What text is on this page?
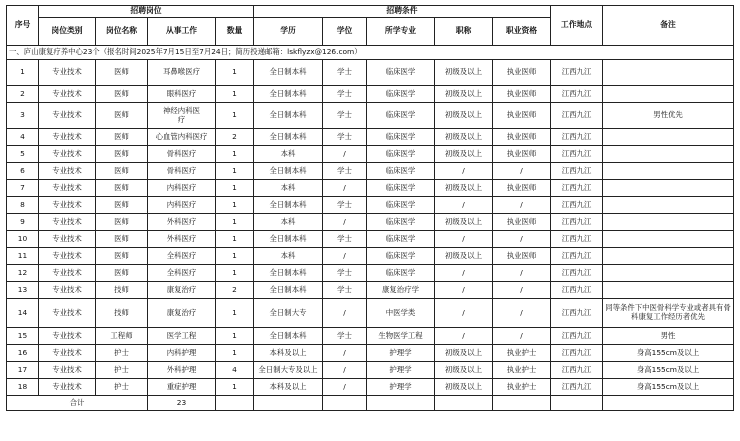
序号	招聘岗位				招聘条件					工作地点	备注
	岗位类别	岗位名称	从事工作	数量	学历	学位	所学专业	职称	职业资格		
一、庐山康复疗养中心23个（报名时间2025年7月15日至7月24日；简历投递邮箱：lskflyzx@126.com）											
1	专业技术	医师	耳鼻喉医疗	1	全日制本科	学士	临床医学	初级及以上	执业医师	江西九江	
2	专业技术	医师	眼科医疗	1	全日制本科	学士	临床医学	初级及以上	执业医师	江西九江	
3	专业技术	医师	神经内科医疗	1	全日制本科	学士	临床医学	初级及以上	执业医师	江西九江	男性优先
4	专业技术	医师	心血管内科医疗	2	全日制本科	学士	临床医学	初级及以上	执业医师	江西九江	
5	专业技术	医师	骨科医疗	1	本科	/	临床医学	初级及以上	执业医师	江西九江	
6	专业技术	医师	骨科医疗	1	全日制本科	学士	临床医学	/	/	江西九江	
7	专业技术	医师	内科医疗	1	本科	/	临床医学	初级及以上	执业医师	江西九江	
8	专业技术	医师	内科医疗	1	全日制本科	学士	临床医学	/	/	江西九江	
9	专业技术	医师	外科医疗	1	本科	/	临床医学	初级及以上	执业医师	江西九江	
10	专业技术	医师	外科医疗	1	全日制本科	学士	临床医学	/	/	江西九江	
11	专业技术	医师	全科医疗	1	本科	/	临床医学	初级及以上	执业医师	江西九江	
12	专业技术	医师	全科医疗	1	全日制本科	学士	临床医学	/	/	江西九江	
13	专业技术	技师	康复治疗	2	全日制本科	学士	康复治疗学	/	/	江西九江	
14	专业技术	技师	康复治疗	1	全日制大专	/	中医学类	/	/	江西九江	同等条件下中医骨科学专业或者具有骨科康复工作经历者优先
15	专业技术	工程师	医学工程	1	全日制本科	学士	生物医学工程	/	/	江西九江	男性
16	专业技术	护士	内科护理	1	本科及以上	/	护理学	初级及以上	执业护士	江西九江	身高155cm及以上
17	专业技术	护士	外科护理	4	全日制大专及以上	/	护理学	初级及以上	执业护士	江西九江	身高155cm及以上
18	专业技术	护士	重症护理	1	本科及以上	/	护理学	初级及以上	执业护士	江西九江	身高155cm及以上
合计			23								
